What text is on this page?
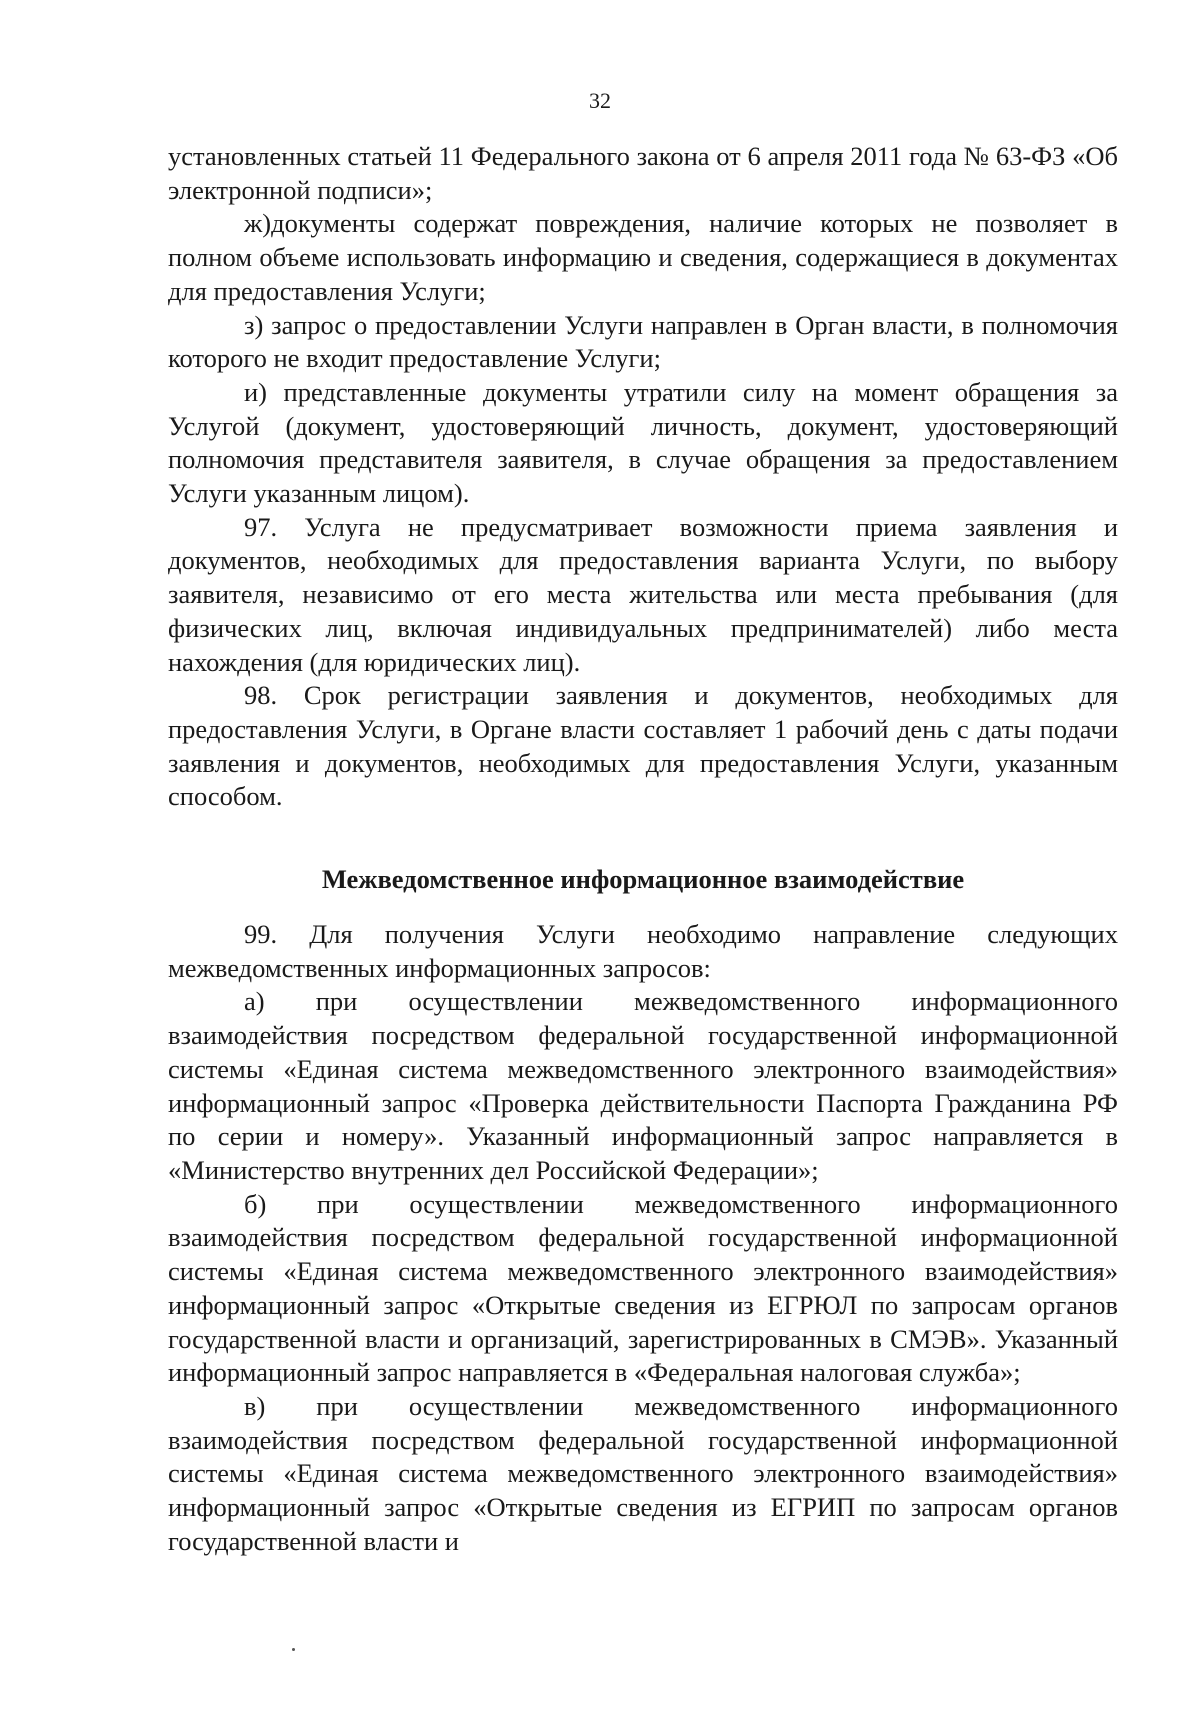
32

установленных статьей 11 Федерального закона от 6 апреля 2011 года № 63-ФЗ «Об электронной подписи»;

ж)документы содержат повреждения, наличие которых не позволяет в полном объеме использовать информацию и сведения, содержащиеся в документах для предоставления Услуги;

з) запрос о предоставлении Услуги направлен в Орган власти, в полномочия которого не входит предоставление Услуги;

и) представленные документы утратили силу на момент обращения за Услугой (документ, удостоверяющий личность, документ, удостоверяющий полномочия представителя заявителя, в случае обращения за предоставлением Услуги указанным лицом).

97. Услуга не предусматривает возможности приема заявления и документов, необходимых для предоставления варианта Услуги, по выбору заявителя, независимо от его места жительства или места пребывания (для физических лиц, включая индивидуальных предпринимателей) либо места нахождения (для юридических лиц).

98. Срок регистрации заявления и документов, необходимых для предоставления Услуги, в Органе власти составляет 1 рабочий день с даты подачи заявления и документов, необходимых для предоставления Услуги, указанным способом.

Межведомственное информационное взаимодействие

99. Для получения Услуги необходимо направление следующих межведомственных информационных запросов:

а) при осуществлении межведомственного информационного взаимодействия посредством федеральной государственной информационной системы «Единая система межведомственного электронного взаимодействия» информационный запрос «Проверка действительности Паспорта Гражданина РФ по серии и номеру». Указанный информационный запрос направляется в «Министерство внутренних дел Российской Федерации»;

б) при осуществлении межведомственного информационного взаимодействия посредством федеральной государственной информационной системы «Единая система межведомственного электронного взаимодействия» информационный запрос «Открытые сведения из ЕГРЮЛ по запросам органов государственной власти и организаций, зарегистрированных в СМЭВ». Указанный информационный запрос направляется в «Федеральная налоговая служба»;

в) при осуществлении межведомственного информационного взаимодействия посредством федеральной государственной информационной системы «Единая система межведомственного электронного взаимодействия» информационный запрос «Открытые сведения из ЕГРИП по запросам органов государственной власти и
